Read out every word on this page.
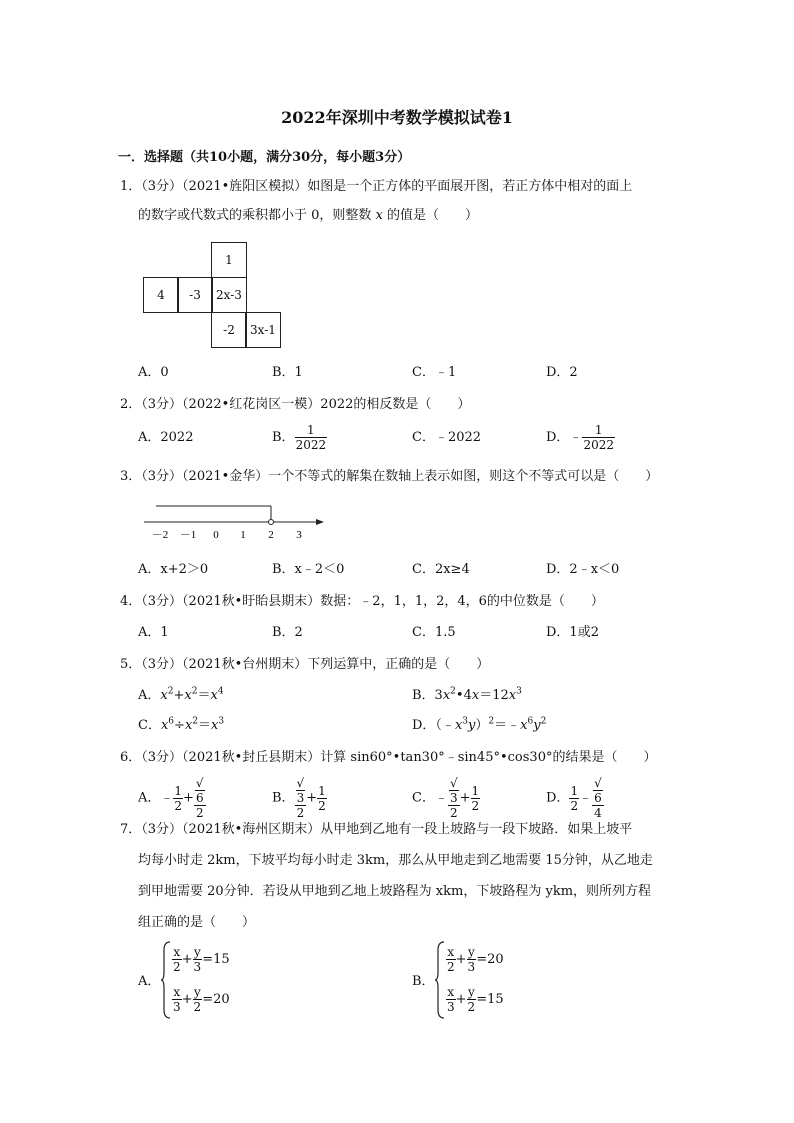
2022年深圳中考数学模拟试卷1
一．选择题（共10小题，满分30分，每小题3分）
1．（3分）（2021•旌阳区模拟）如图是一个正方体的平面展开图，若正方体中相对的面上
的数字或代数式的乘积都小于 0，则整数 x 的值是（　　）
1
4	-3	2x-3
-2	3x-1
A．0	B．1	C．﹣1	D．2
2．（3分）（2022•红花岗区一模）2022的相反数是（　　）
A．2022	B． $\frac{1}{2022}$	C．﹣2022	D．﹣ $\frac{1}{2022}$
3．（3分）（2021•金华）一个不等式的解集在数轴上表示如图，则这个不等式可以是（　　）
－2 －1 0 1 2 3
A．x+2＞0	B．x﹣2＜0	C．2x≥4	D．2﹣x＜0
4．（3分）（2021秋•盱眙县期末）数据：﹣2，1，1，2，4，6的中位数是（　　）
A．1	B．2	C．1.5	D．1或2
5．（3分）（2021秋•台州期末）下列运算中，正确的是（　　）
A．$x^2+x^2=x^4$	B．$3x^2•4x=12x^3$
C．$x^6\div x^2=x^3$	D．$(﹣x^3y)^2=﹣x^6y^2$
6．（3分）（2021秋•封丘县期末）计算 sin60°•tan30°﹣sin45°•cos30°的结果是（　　）
A．﹣ $\frac{1}{2}$ + √
6
2	B． √
3
$2 + \frac{1}{2}$	C．﹣ √
3
$2 + \frac{1}{2}$	D． $\frac{1}{2}$ ﹣ √
6
4
7．（3分）（2021秋•海州区期末）从甲地到乙地有一段上坡路与一段下坡路．如果上坡平
均每小时走 2km，下坡平均每小时走 3km，那么从甲地走到乙地需要 15分钟，从乙地走
到甲地需要 20分钟．若设从甲地到乙地上坡路程为 xkm，下坡路程为 ykm，则所列方程
组正确的是（　　）
A．
$\frac{x}{2} + \frac{y}{3} =15$
$\frac{x}{3} + \frac{y}{2} =20$
B．
$\frac{x}{2} + \frac{y}{3} =20$
$\frac{x}{3} + \frac{y}{2} =15$
